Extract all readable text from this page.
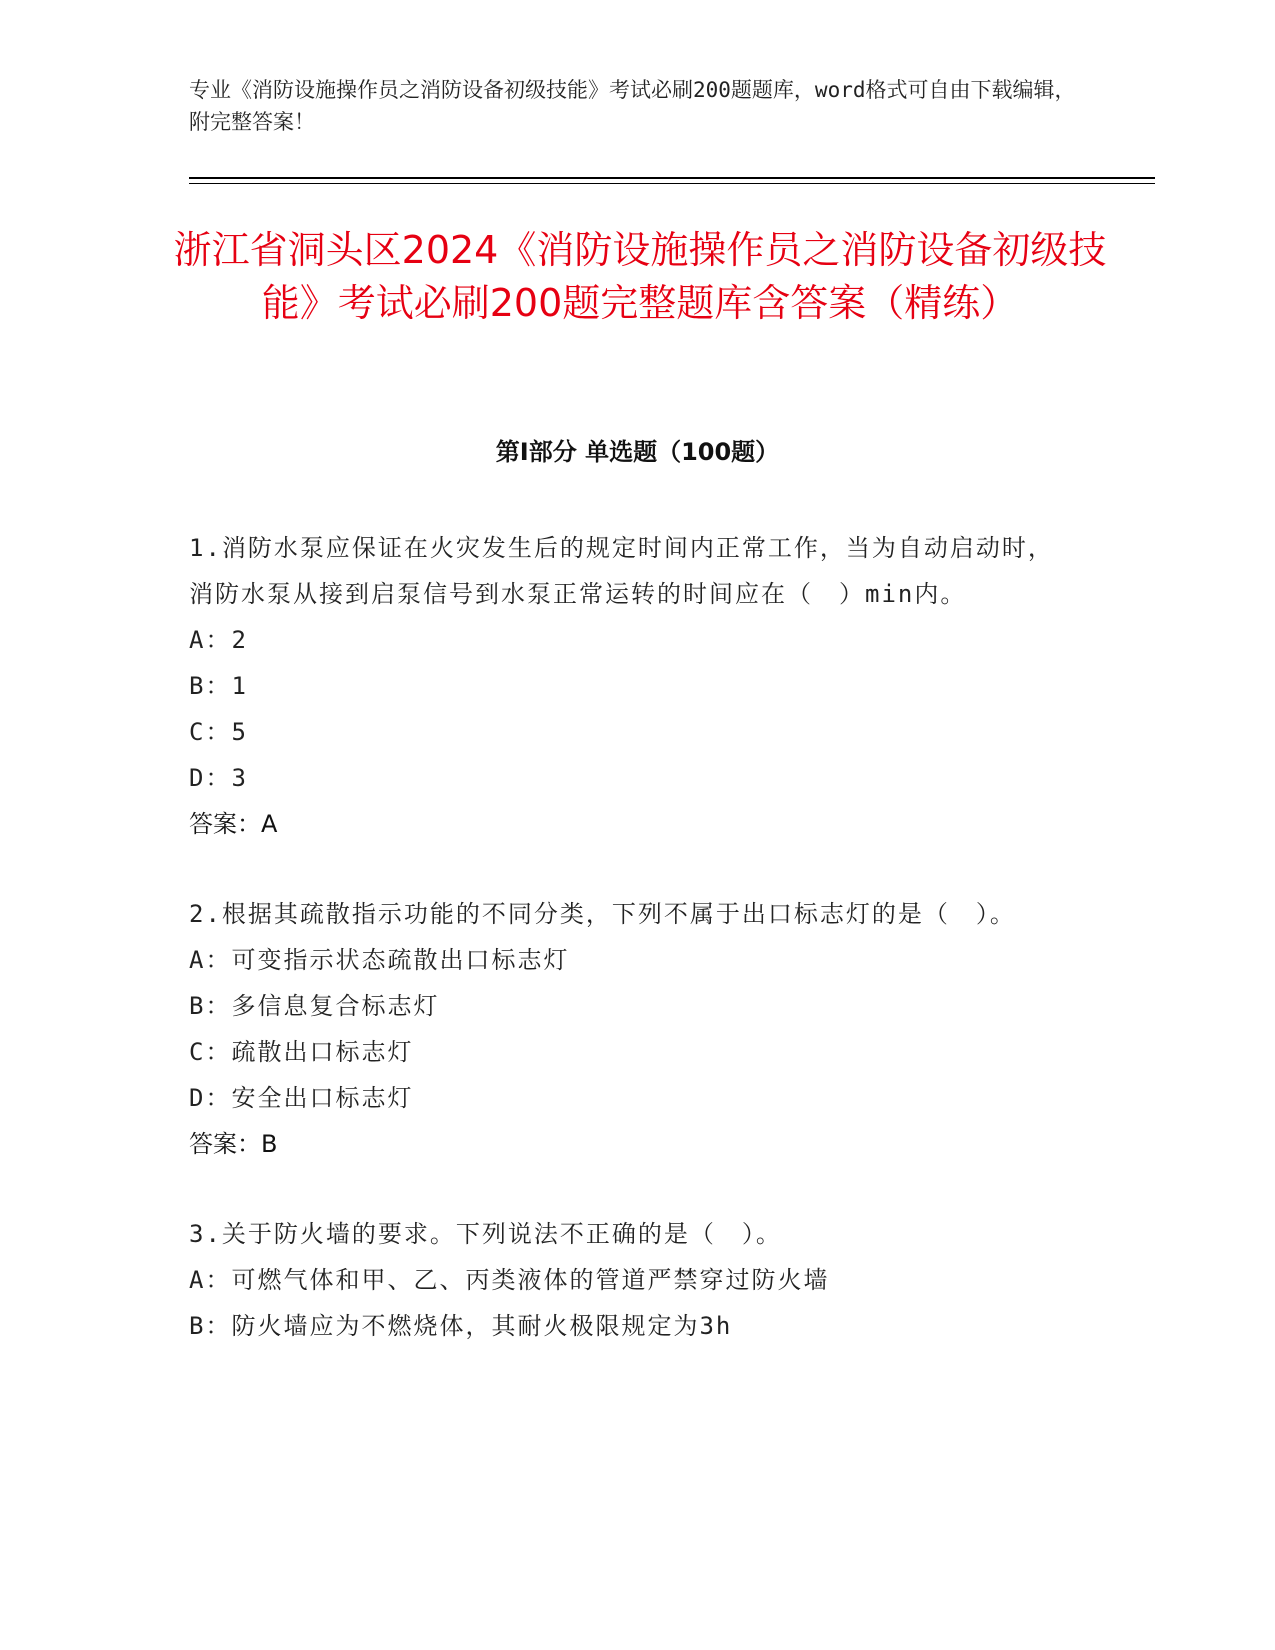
专业《消防设施操作员之消防设备初级技能》考试必刷200题题库，word格式可自由下载编辑，附完整答案！
浙江省洞头区2024《消防设施操作员之消防设备初级技能》考试必刷200题完整题库含答案（精练）
第I部分 单选题（100题）

1.消防水泵应保证在火灾发生后的规定时间内正常工作，当为自动启动时，消防水泵从接到启泵信号到水泵正常运转的时间应在（　）min内。

A：2

B：1

C：5

D：3

答案：A

2.根据其疏散指示功能的不同分类，下列不属于出口标志灯的是（　）。

A：可变指示状态疏散出口标志灯

B：多信息复合标志灯

C：疏散出口标志灯

D：安全出口标志灯

答案：B

3.关于防火墙的要求。下列说法不正确的是（　）。

A：可燃气体和甲、乙、丙类液体的管道严禁穿过防火墙

B：防火墙应为不燃烧体，其耐火极限规定为3h
